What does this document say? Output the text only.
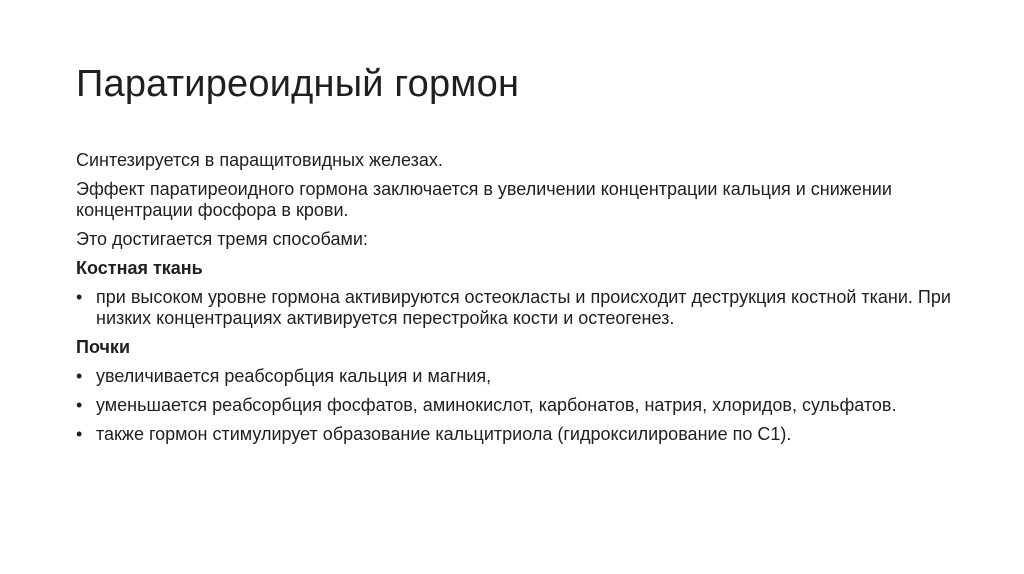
Паратиреоидный гормон

Синтезируется в паращитовидных железах.

Эффект паратиреоидного гормона заключается в увеличении концентрации кальция и снижении концентрации фосфора в крови.

Это достигается тремя способами:

Костная ткань

• при высоком уровне гормона активируются остеокласты и происходит деструкция костной ткани. При низких концентрациях активируется перестройка кости и остеогенез.

Почки

• увеличивается реабсорбция кальция и магния,
• уменьшается реабсорбция фосфатов, аминокислот, карбонатов, натрия, хлоридов, сульфатов.
• также гормон стимулирует образование кальцитриола (гидроксилирование по С1).
